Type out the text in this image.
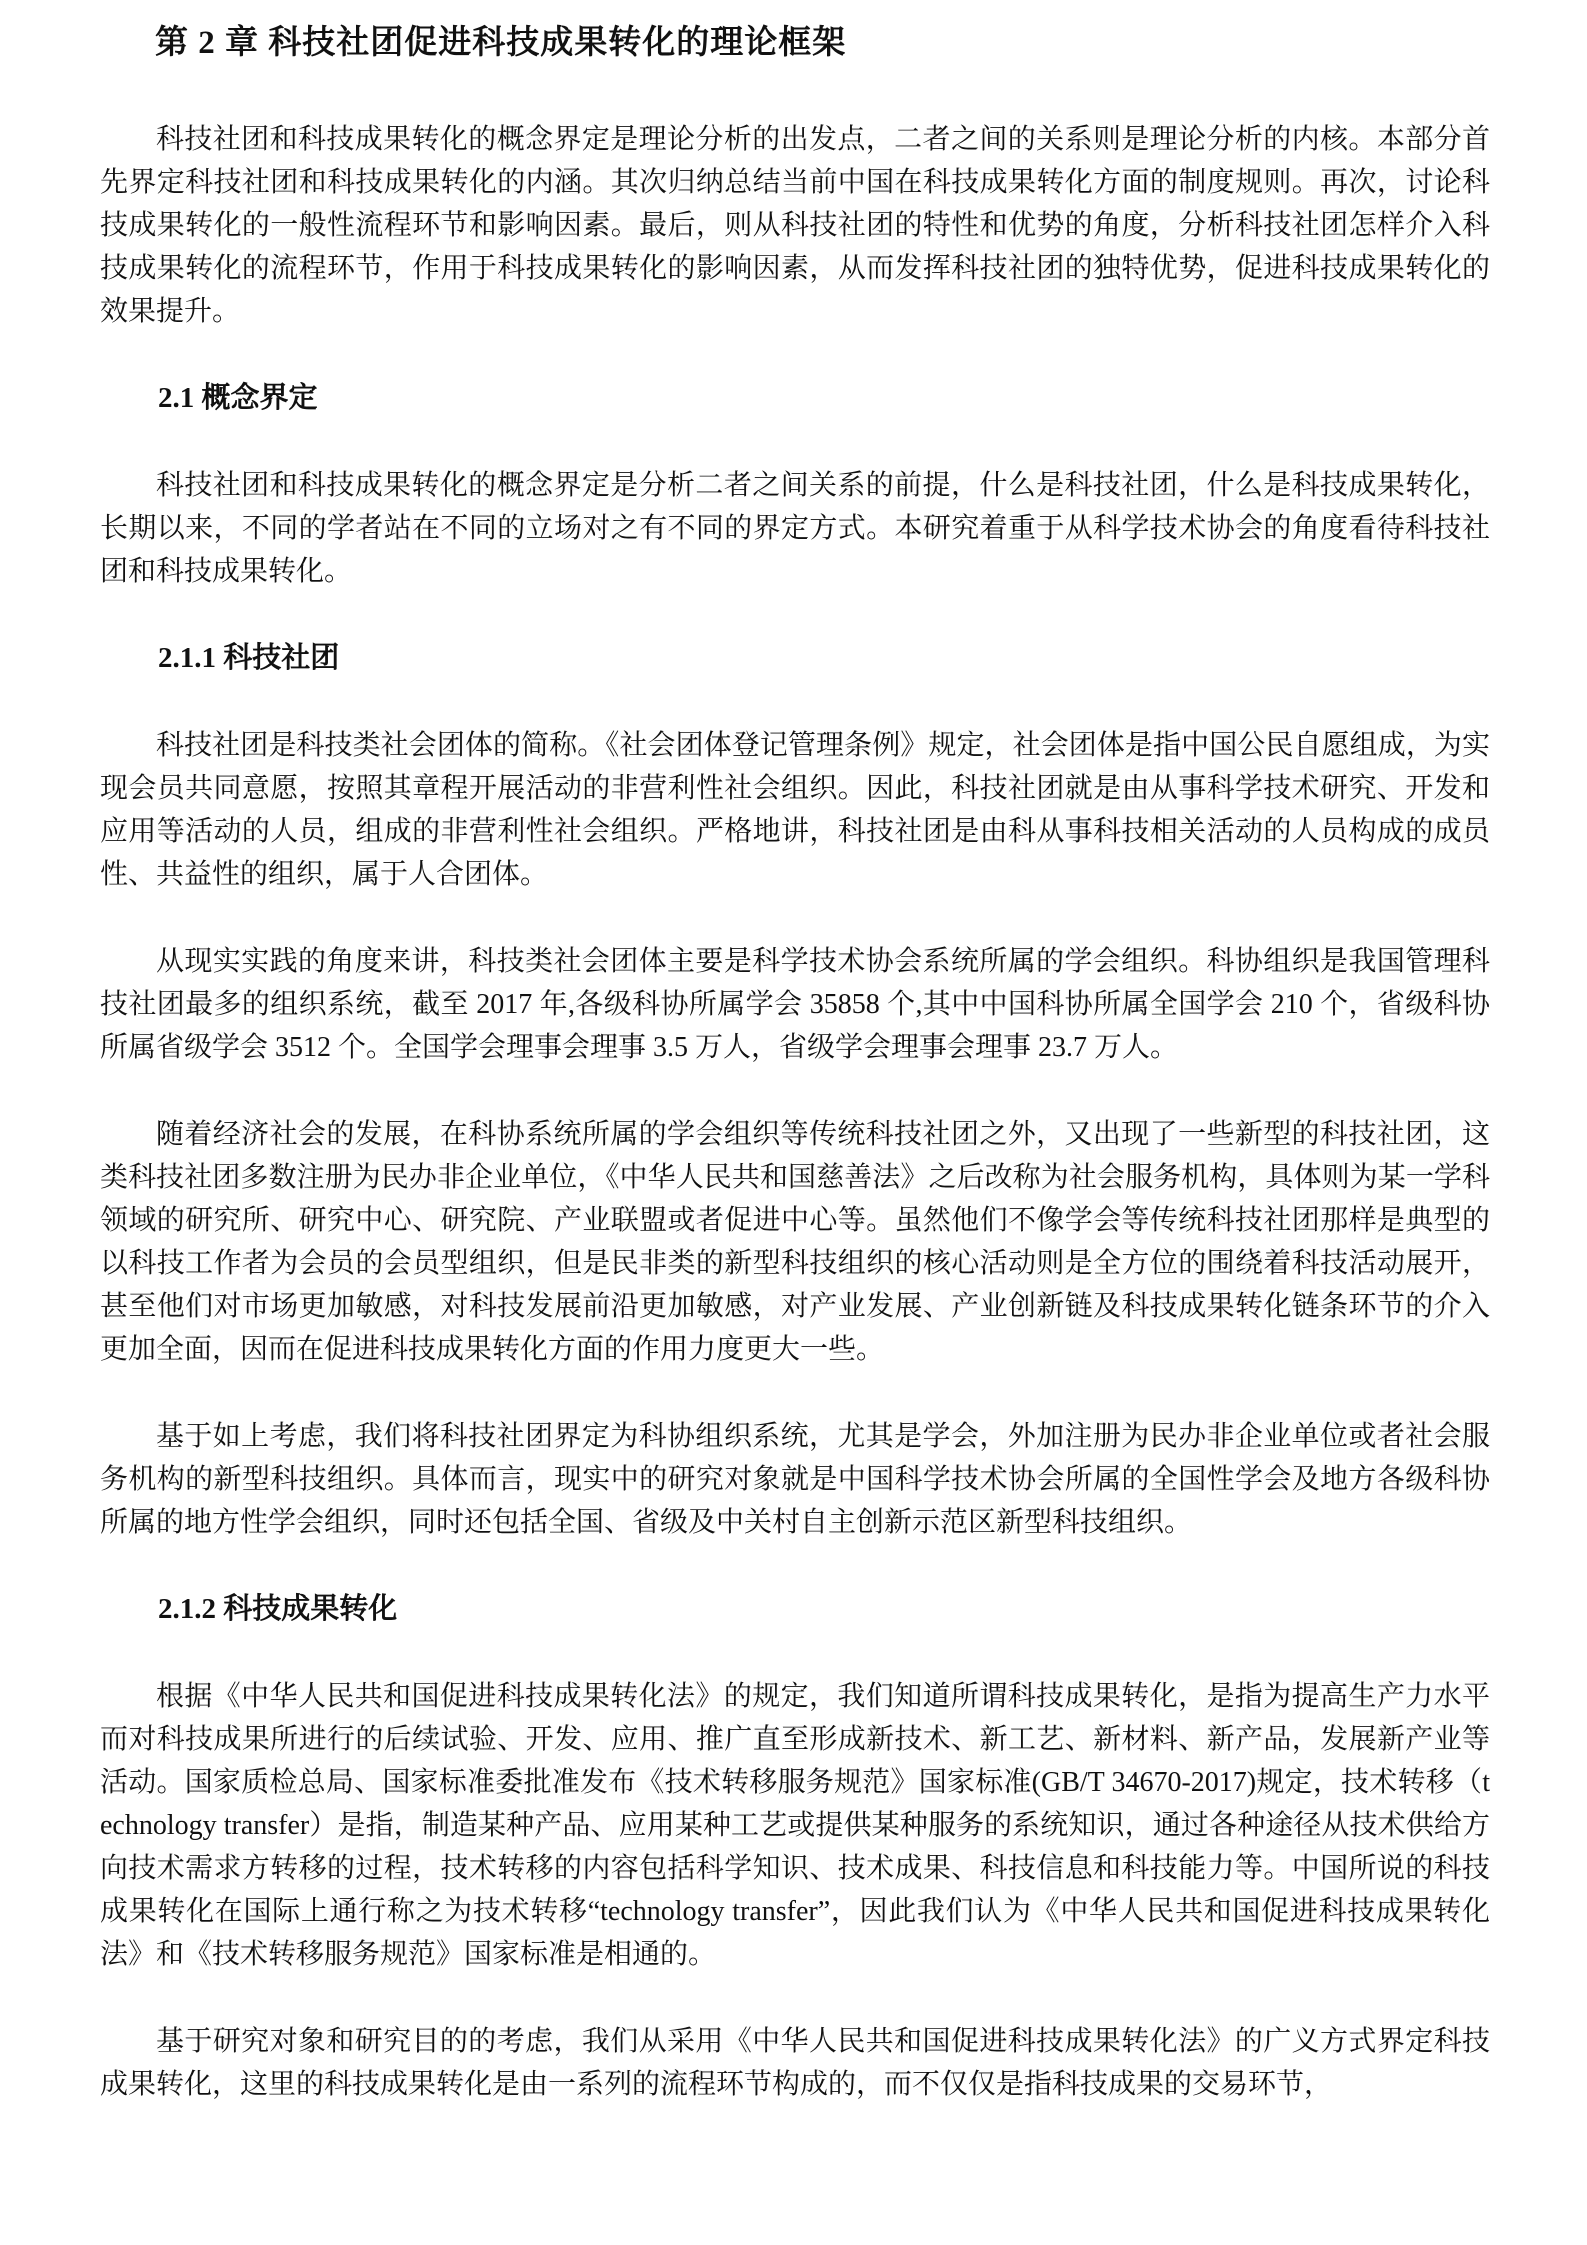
第 2 章 科技社团促进科技成果转化的理论框架

科技社团和科技成果转化的概念界定是理论分析的出发点，二者之间的关系则是理论分析的内核。本部分首先界定科技社团和科技成果转化的内涵。其次归纳总结当前中国在科技成果转化方面的制度规则。再次，讨论科技成果转化的一般性流程环节和影响因素。最后，则从科技社团的特性和优势的角度，分析科技社团怎样介入科技成果转化的流程环节，作用于科技成果转化的影响因素，从而发挥科技社团的独特优势，促进科技成果转化的效果提升。

2.1 概念界定

科技社团和科技成果转化的概念界定是分析二者之间关系的前提，什么是科技社团，什么是科技成果转化，长期以来，不同的学者站在不同的立场对之有不同的界定方式。本研究着重于从科学技术协会的角度看待科技社团和科技成果转化。

2.1.1 科技社团

科技社团是科技类社会团体的简称。《社会团体登记管理条例》规定，社会团体是指中国公民自愿组成，为实现会员共同意愿，按照其章程开展活动的非营利性社会组织。因此，科技社团就是由从事科学技术研究、开发和应用等活动的人员，组成的非营利性社会组织。严格地讲，科技社团是由科从事科技相关活动的人员构成的成员性、共益性的组织，属于人合团体。

从现实实践的角度来讲，科技类社会团体主要是科学技术协会系统所属的学会组织。科协组织是我国管理科技社团最多的组织系统，截至 2017 年,各级科协所属学会 35858 个,其中中国科协所属全国学会 210 个，省级科协所属省级学会 3512 个。全国学会理事会理事 3.5 万人，省级学会理事会理事 23.7 万人。

随着经济社会的发展，在科协系统所属的学会组织等传统科技社团之外，又出现了一些新型的科技社团，这类科技社团多数注册为民办非企业单位，《中华人民共和国慈善法》之后改称为社会服务机构，具体则为某一学科领域的研究所、研究中心、研究院、产业联盟或者促进中心等。虽然他们不像学会等传统科技社团那样是典型的以科技工作者为会员的会员型组织，但是民非类的新型科技组织的核心活动则是全方位的围绕着科技活动展开，甚至他们对市场更加敏感，对科技发展前沿更加敏感，对产业发展、产业创新链及科技成果转化链条环节的介入更加全面，因而在促进科技成果转化方面的作用力度更大一些。

基于如上考虑，我们将科技社团界定为科协组织系统，尤其是学会，外加注册为民办非企业单位或者社会服务机构的新型科技组织。具体而言，现实中的研究对象就是中国科学技术协会所属的全国性学会及地方各级科协所属的地方性学会组织，同时还包括全国、省级及中关村自主创新示范区新型科技组织。

2.1.2 科技成果转化

根据《中华人民共和国促进科技成果转化法》的规定，我们知道所谓科技成果转化，是指为提高生产力水平而对科技成果所进行的后续试验、开发、应用、推广直至形成新技术、新工艺、新材料、新产品，发展新产业等活动。国家质检总局、国家标准委批准发布《技术转移服务规范》国家标准(GB/T 34670-2017)规定，技术转移（technology transfer）是指，制造某种产品、应用某种工艺或提供某种服务的系统知识，通过各种途径从技术供给方向技术需求方转移的过程，技术转移的内容包括科学知识、技术成果、科技信息和科技能力等。中国所说的科技成果转化在国际上通行称之为技术转移“technology transfer”，因此我们认为《中华人民共和国促进科技成果转化法》和《技术转移服务规范》国家标准是相通的。

基于研究对象和研究目的的考虑，我们从采用《中华人民共和国促进科技成果转化法》的广义方式界定科技成果转化，这里的科技成果转化是由一系列的流程环节构成的，而不仅仅是指科技成果的交易环节，
